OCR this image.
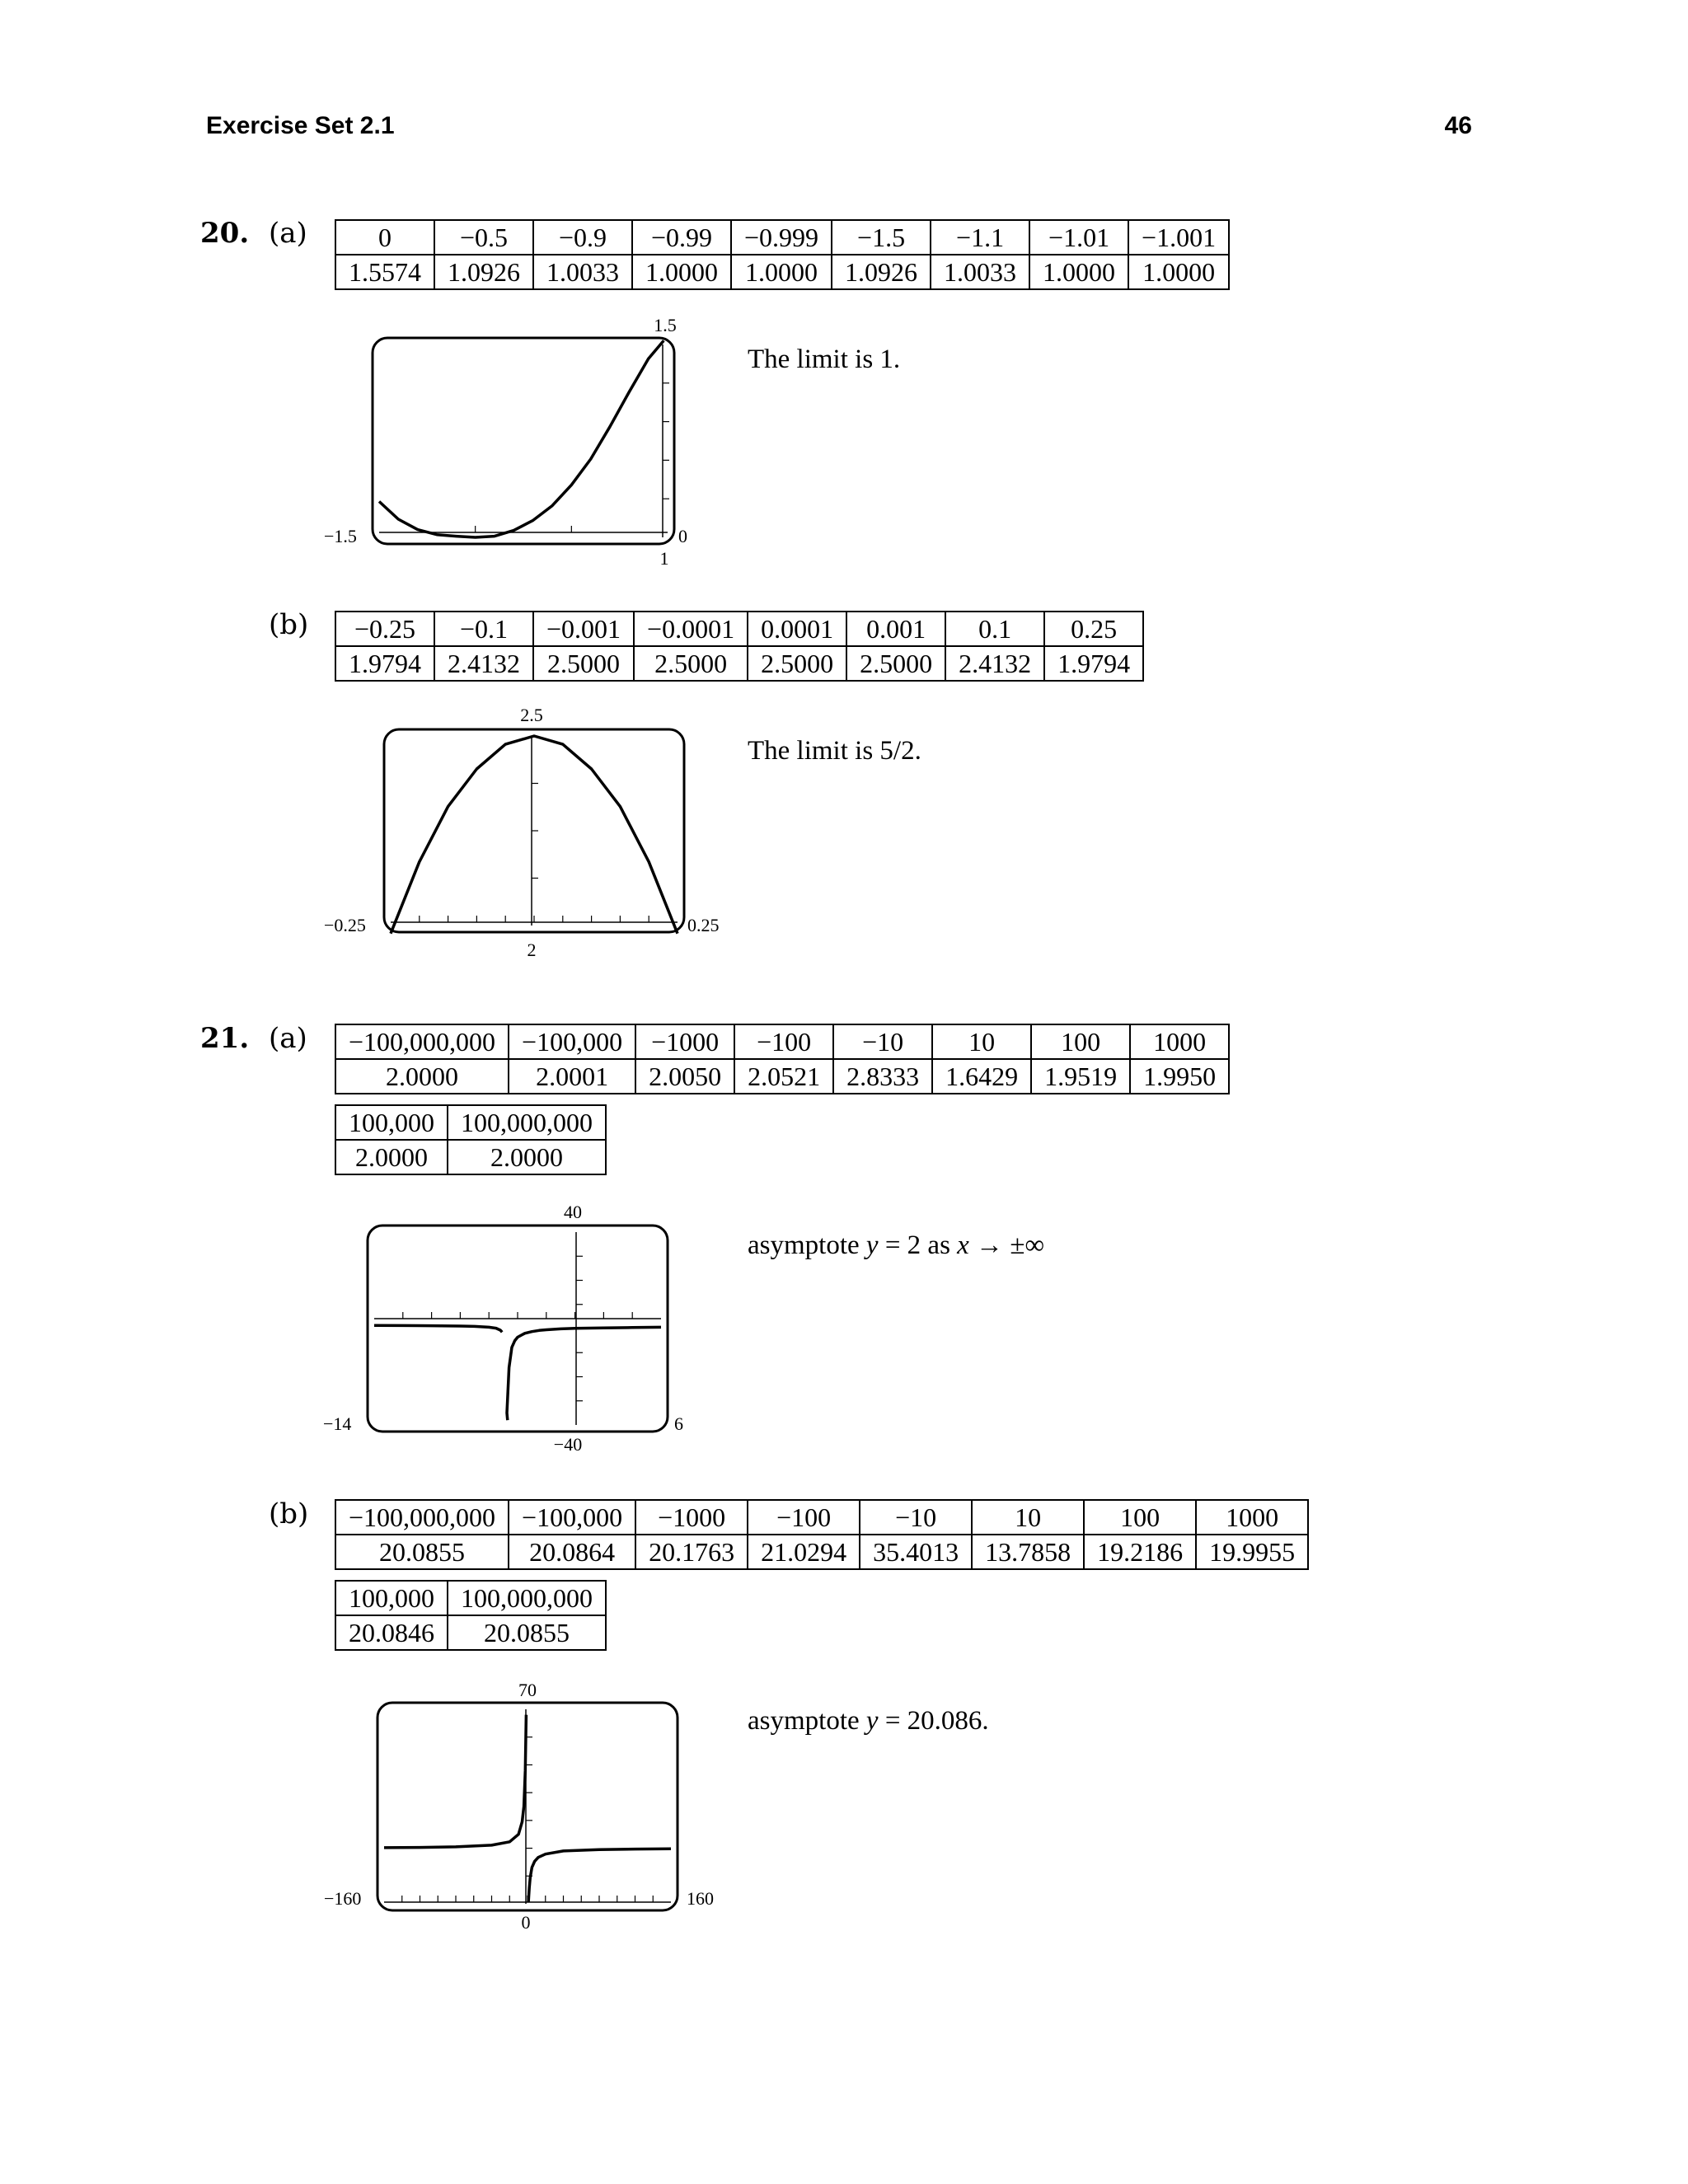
Exercise Set 2.1	46
20. (a)	0	−0.5	−0.9	−0.99	−0.999	−1.5	−1.1	−1.01	−1.001
1.5574	1.0926	1.0033	1.0000	1.0000	1.0926	1.0033	1.0000	1.0000
The limit is 1.
−1.5	0
1
1.5
(b) −0.25	−0.1	−0.001	−0.0001	0.0001	0.001	0.1	0.25
1.9794	2.4132	2.5000	2.5000	2.5000	2.5000	2.4132	1.9794
The limit is 5/2.
−0.25	0.25
2
2.5
21. (a) −100,000,000	−100,000	−1000	−100	−10	10	100	1000
2.0000	2.0001	2.0050	2.0521	2.8333	1.6429	1.9519	1.9950
100,000	100,000,000
2.0000	2.0000
asymptote y = 2 as x → ±∞
−14	6
−40
40
(b) −100,000,000	−100,000	−1000	−100	−10	10	100	1000
20.0855	20.0864	20.1763	21.0294	35.4013	13.7858	19.2186	19.9955
100,000	100,000,000
20.0846	20.0855
asymptote y = 20.086.
−160	160
0
70
